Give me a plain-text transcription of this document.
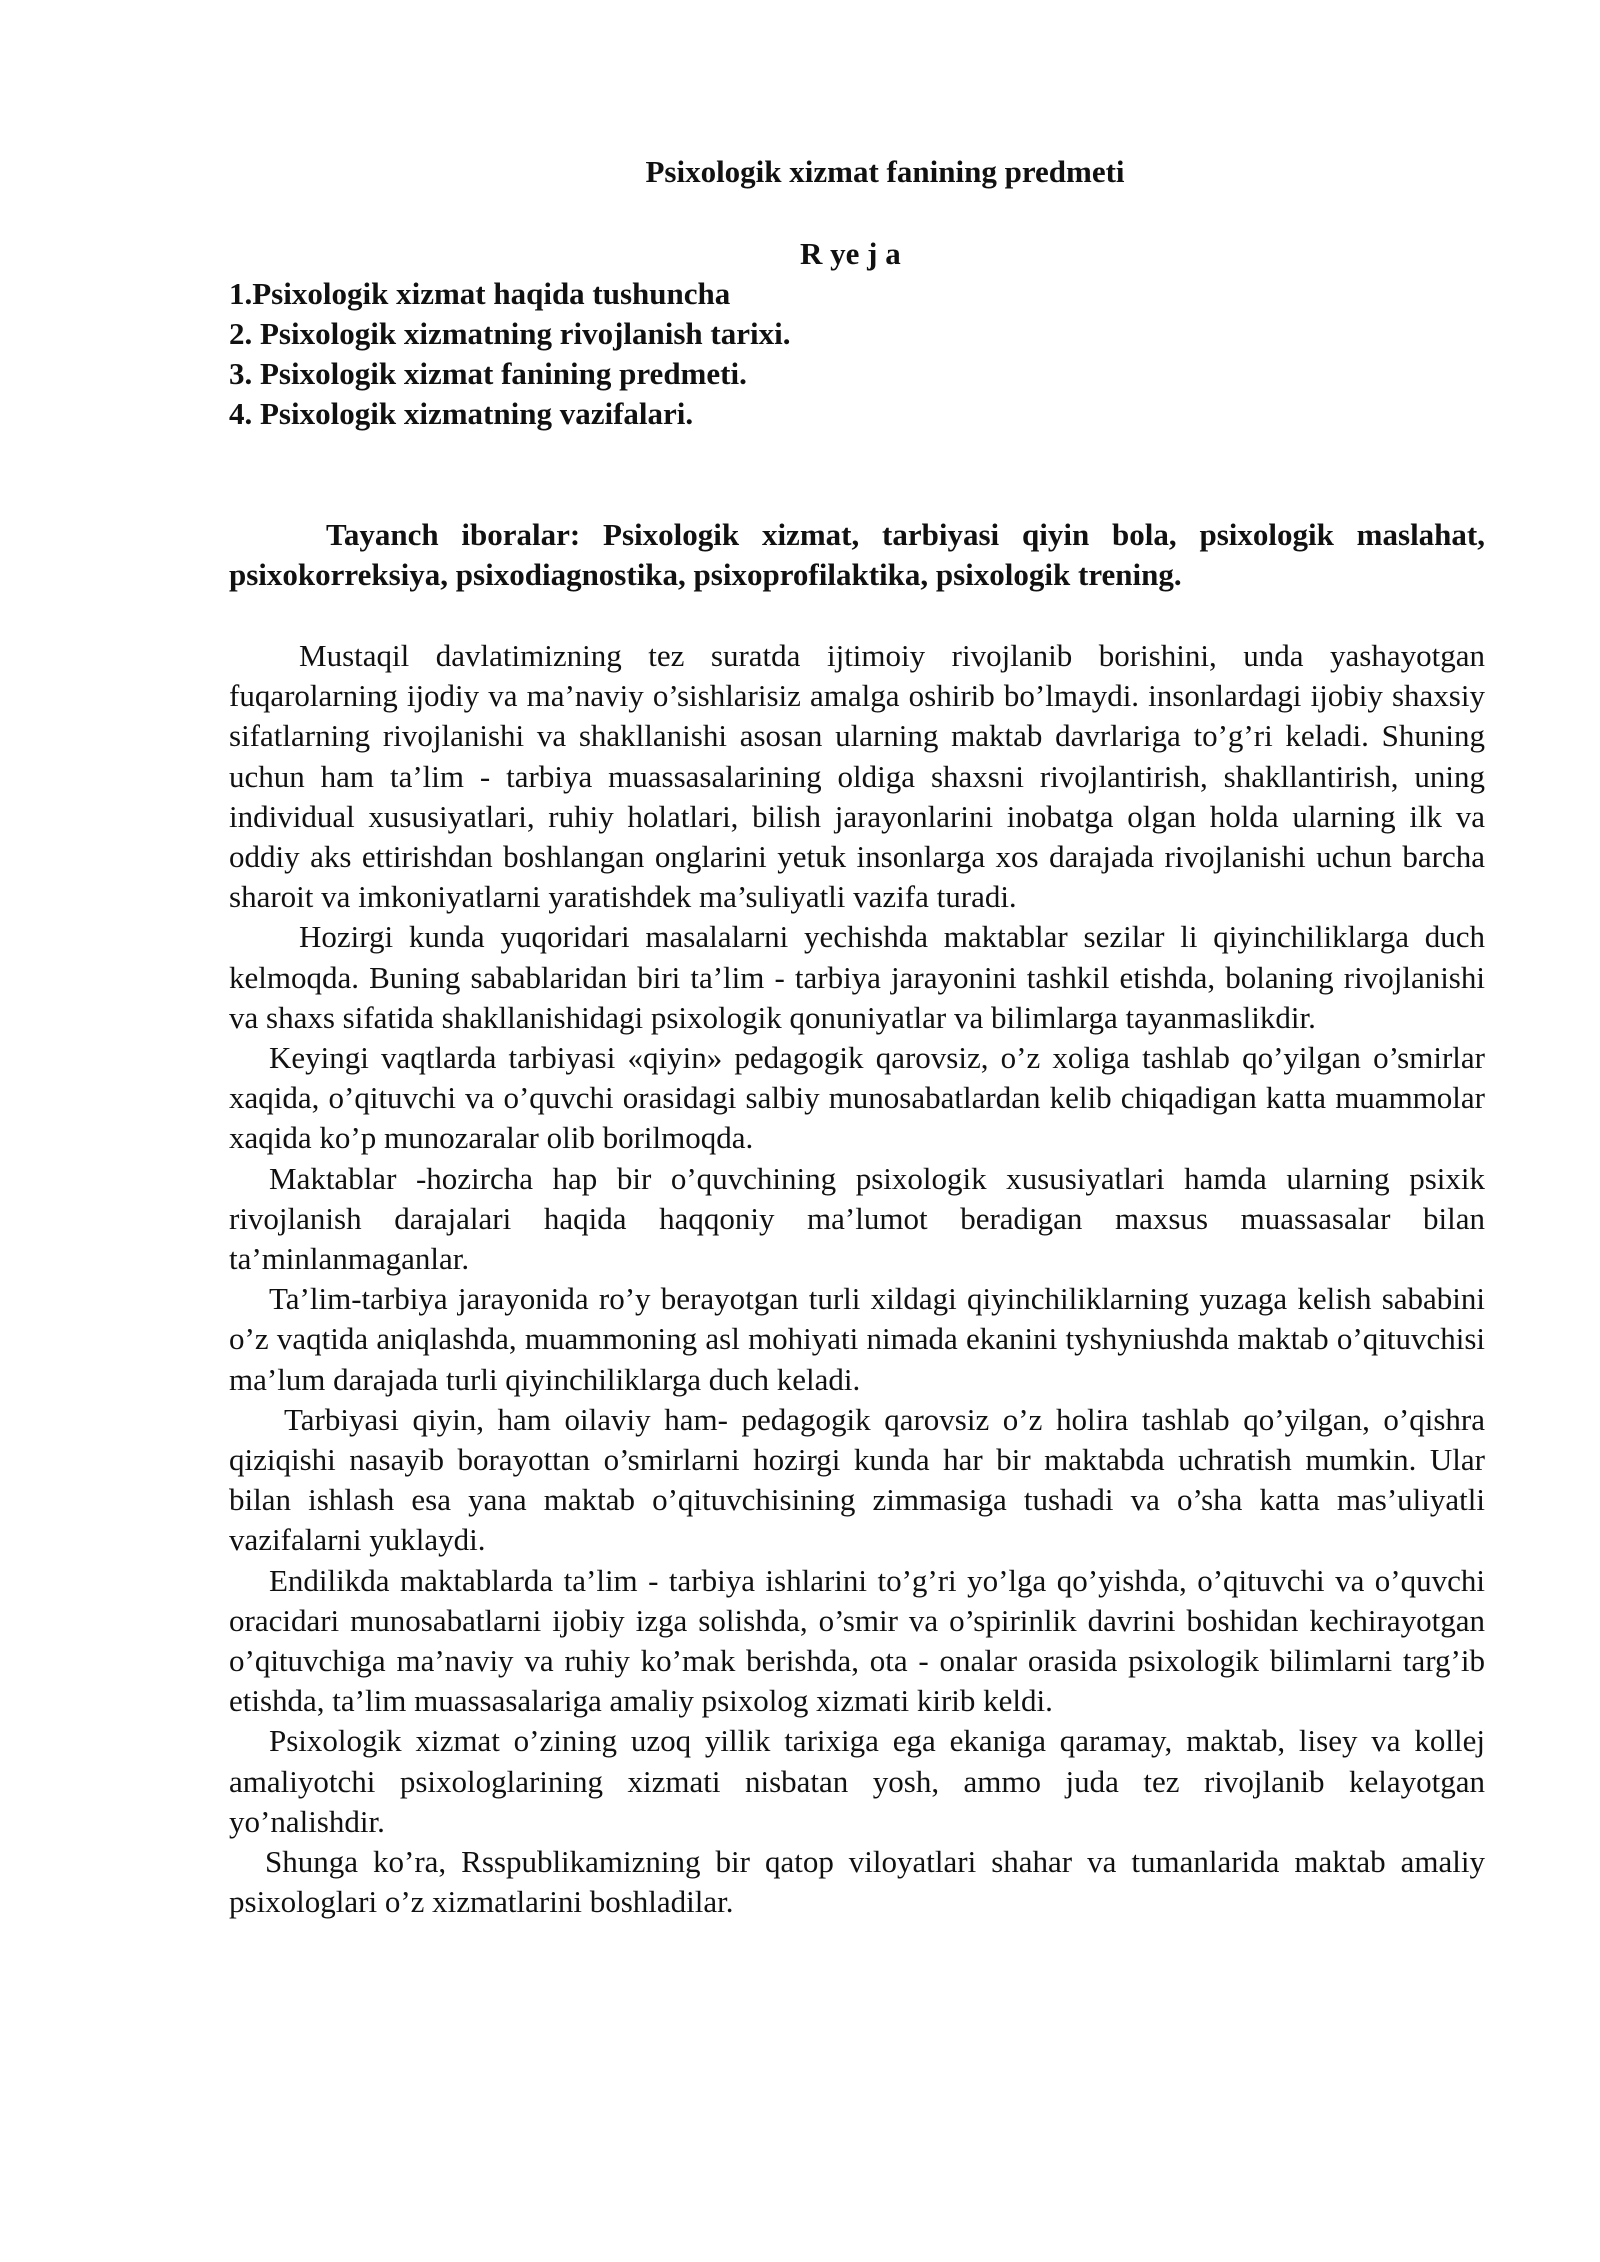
Psixologik xizmat fanining predmeti
R ye j a
1.Psixologik xizmat haqida tushuncha
2. Psixologik xizmatning rivojlanish tarixi.
3. Psixologik xizmat fanining predmeti.
4. Psixologik xizmatning vazifalari.
Tayanch iboralar: Psixologik xizmat, tarbiyasi qiyin bola, psixologik maslahat, psixokorreksiya, psixodiagnostika, psixoprofilaktika, psixologik trening.

Mustaqil davlatimizning tez suratda ijtimoiy rivojlanib borishini, unda yashayotgan fuqarolarning ijodiy va ma’naviy o’sishlarisiz amalga oshirib bo’lmaydi. insonlardagi ijobiy shaxsiy sifatlarning rivojlanishi va shakllanishi asosan ularning maktab davrlariga to’g’ri keladi. Shuning uchun ham ta’lim - tarbiya muassasalarining oldiga shaxsni rivojlantirish, shakllantirish, uning individual xususiyatlari, ruhiy holatlari, bilish jarayonlarini inobatga olgan holda ularning ilk va oddiy aks ettirishdan boshlangan onglarini yetuk insonlarga xos darajada rivojlanishi uchun barcha sharoit va imkoniyatlarni yaratishdek ma’suliyatli vazifa turadi.

Hozirgi kunda yuqoridari masalalarni yechishda maktablar sezilar li qiyinchiliklarga duch kelmoqda. Buning sabablaridan biri ta’lim - tarbiya jarayonini tashkil etishda, bolaning rivojlanishi va shaxs sifatida shakllanishidagi psixologik qonuniyatlar va bilimlarga tayanmaslikdir.

Keyingi vaqtlarda tarbiyasi «qiyin» pedagogik qarovsiz, o’z xoliga tashlab qo’yilgan o’smirlar xaqida, o’qituvchi va o’quvchi orasidagi salbiy munosabatlardan kelib chiqadigan katta muammolar xaqida ko’p munozaralar olib borilmoqda.

Maktablar -hozircha hap bir o’quvchining psixologik xususiyatlari hamda ularning psixik rivojlanish darajalari haqida haqqoniy ma’lumot beradigan maxsus muassasalar bilan ta’minlanmaganlar.

Ta’lim-tarbiya jarayonida ro’y berayotgan turli xildagi qiyinchiliklarning yuzaga kelish sababini o’z vaqtida aniqlashda, muammoning asl mohiyati nimada ekanini tyshyniushda maktab o’qituvchisi ma’lum darajada turli qiyinchiliklarga duch keladi.

Tarbiyasi qiyin, ham oilaviy ham- pedagogik qarovsiz o’z holira tashlab qo’yilgan, o’qishra qiziqishi nasayib borayottan o’smirlarni hozirgi kunda har bir maktabda uchratish mumkin. Ular bilan ishlash esa yana maktab o’qituvchisining zimmasiga tushadi va o’sha katta mas’uliyatli vazifalarni yuklaydi.

Endilikda maktablarda ta’lim - tarbiya ishlarini to’g’ri yo’lga qo’yishda, o’qituvchi va o’quvchi oracidari munosabatlarni ijobiy izga solishda, o’smir va o’spirinlik davrini boshidan kechirayotgan o’qituvchiga ma’naviy va ruhiy ko’mak berishda, ota - onalar orasida psixologik bilimlarni targ’ib etishda, ta’lim muassasalariga amaliy psixolog xizmati kirib keldi.

Psixologik xizmat o’zining uzoq yillik tarixiga ega ekaniga qaramay, maktab, lisey va kollej amaliyotchi psixologlarining xizmati nisbatan yosh, ammo juda tez rivojlanib kelayotgan yo’nalishdir.

Shunga ko’ra, Rsspublikamizning bir qatop viloyatlari shahar va tumanlarida maktab amaliy psixologlari o’z xizmatlarini boshladilar.
